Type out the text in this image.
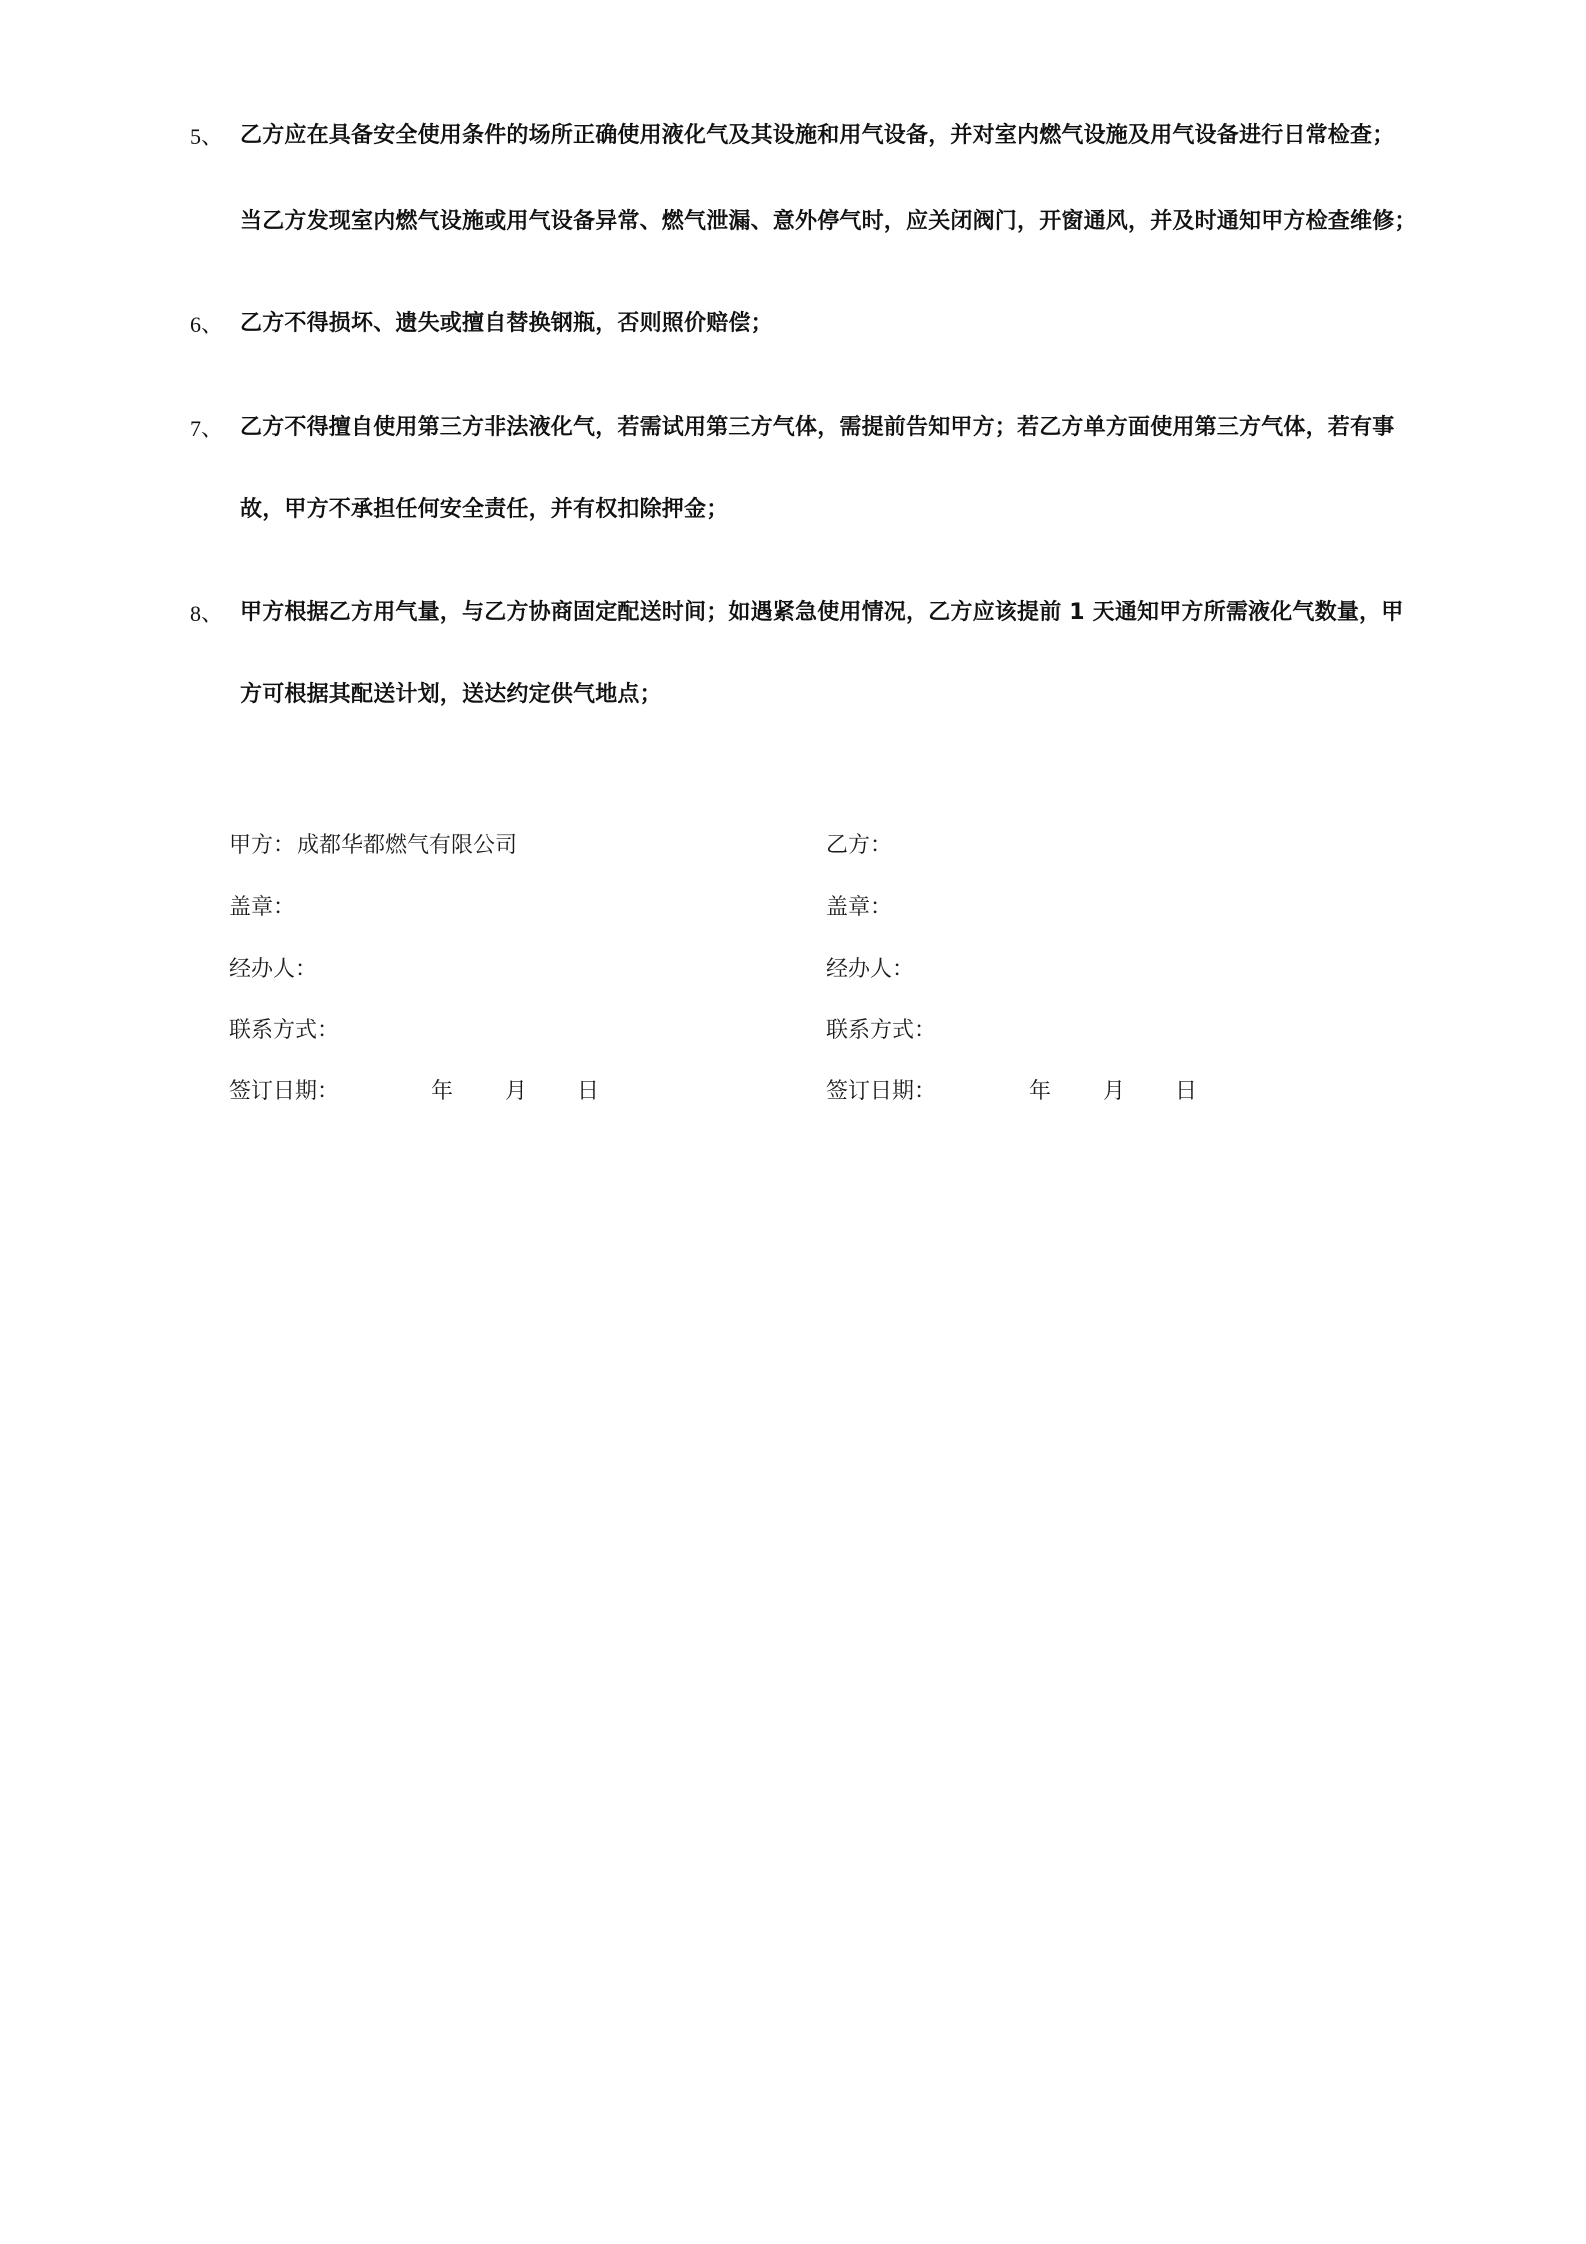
5、 乙方应在具备安全使用条件的场所正确使用液化气及其设施和用气设备，并对室内燃气设施及用气设备进行日常检查；
当乙方发现室内燃气设施或用气设备异常、燃气泄漏、意外停气时，应关闭阀门，开窗通风，并及时通知甲方检查维修；
6、 乙方不得损坏、遗失或擅自替换钢瓶，否则照价赔偿；
7、 乙方不得擅自使用第三方非法液化气，若需试用第三方气体，需提前告知甲方；若乙方单方面使用第三方气体，若有事
故，甲方不承担任何安全责任，并有权扣除押金；
8、 甲方根据乙方用气量，与乙方协商固定配送时间；如遇紧急使用情况，乙方应该提前 1 天通知甲方所需液化气数量，甲
方可根据其配送计划，送达约定供气地点；
甲方：成都华都燃气有限公司
盖章：
经办人：
联系方式：
签订日期：	年 月 日
乙方：
盖章：
经办人：
联系方式：
签订日期：	年 月 日
